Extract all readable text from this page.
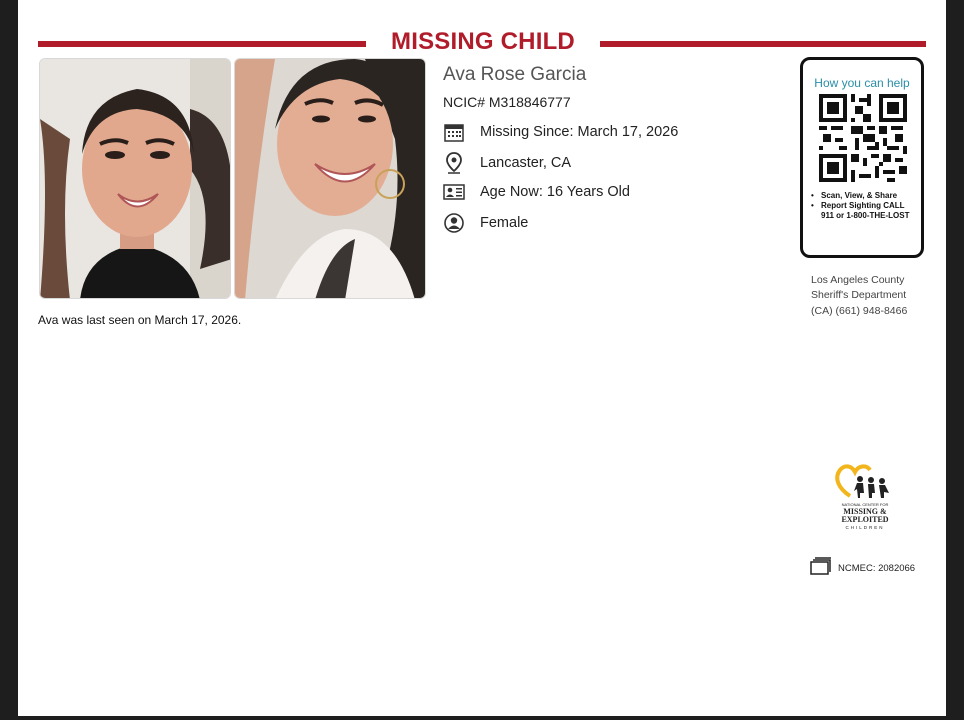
MISSING CHILD
Ava Rose Garcia
NCIC# M318846777
Missing Since: March 17, 2026
Lancaster, CA
Age Now: 16 Years Old
Female
How you can help
• Scan, View, & Share
• Report Sighting CALL 911 or 1-800-THE-LOST
Los Angeles County
Sheriff's Department
(CA) (661) 948-8466
Ava was last seen on March 17, 2026.
NATIONAL CENTER FOR
MISSING &
EXPLOITED
CHILDREN
NCMEC: 2082066
